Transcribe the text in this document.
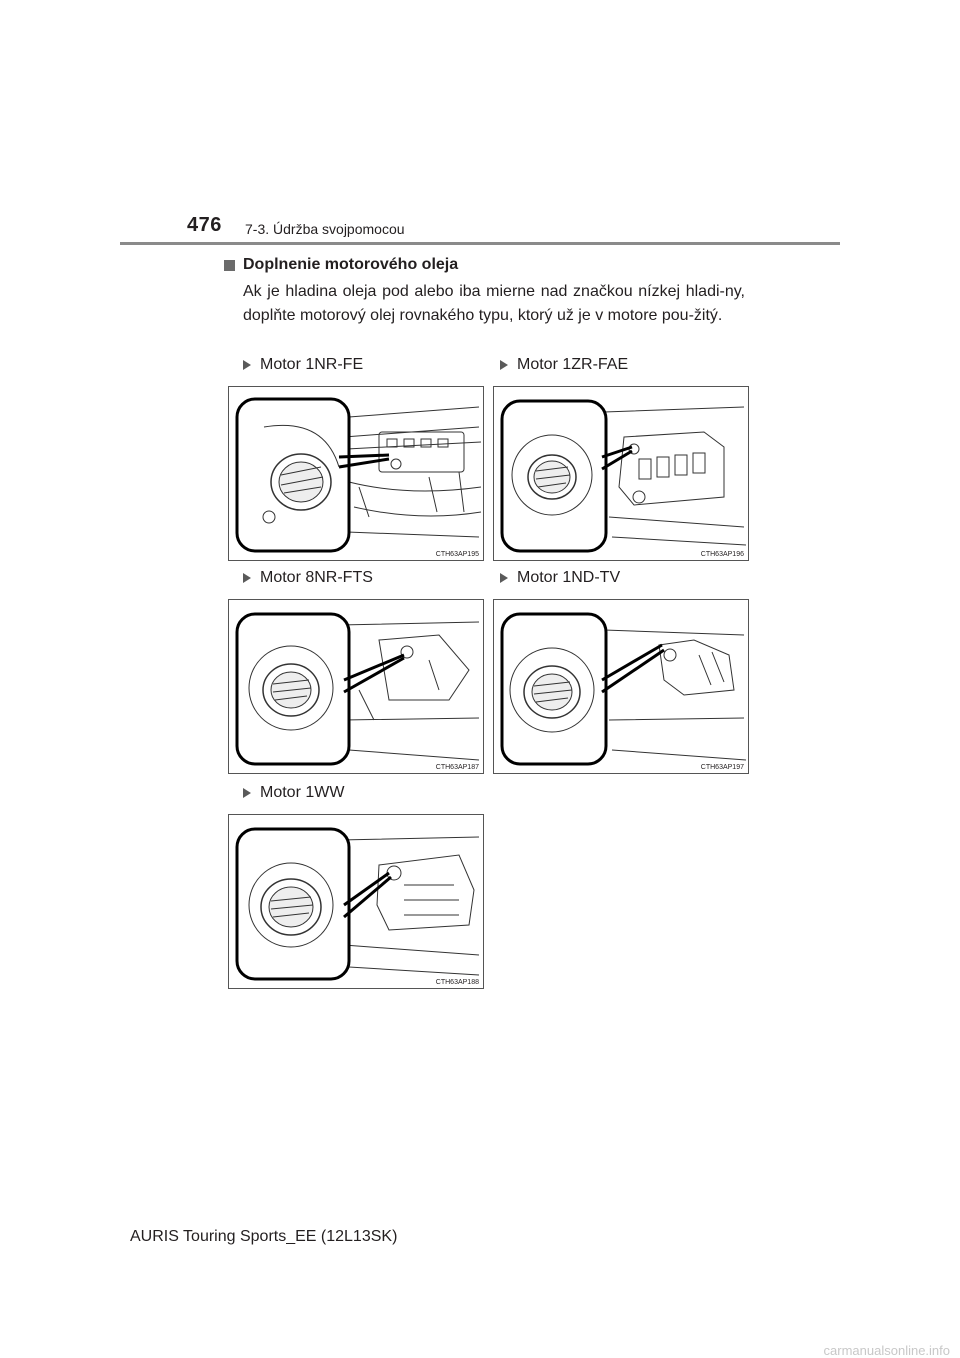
476 7-3. Údržba svojpomocou
Doplnenie motorového oleja
Ak je hladina oleja pod alebo iba mierne nad značkou nízkej hladi-ny, doplňte motorový olej rovnakého typu, ktorý už je v motore pou-žitý.
Motor 1NR-FE	Motor 1ZR-FAE
Motor 8NR-FTS	Motor 1ND-TV
Motor 1WW
CTH63AP195	CTH63AP196
CTH63AP187	CTH63AP197
CTH63AP188
AURIS Touring Sports_EE (12L13SK)
carmanualsonline.info
